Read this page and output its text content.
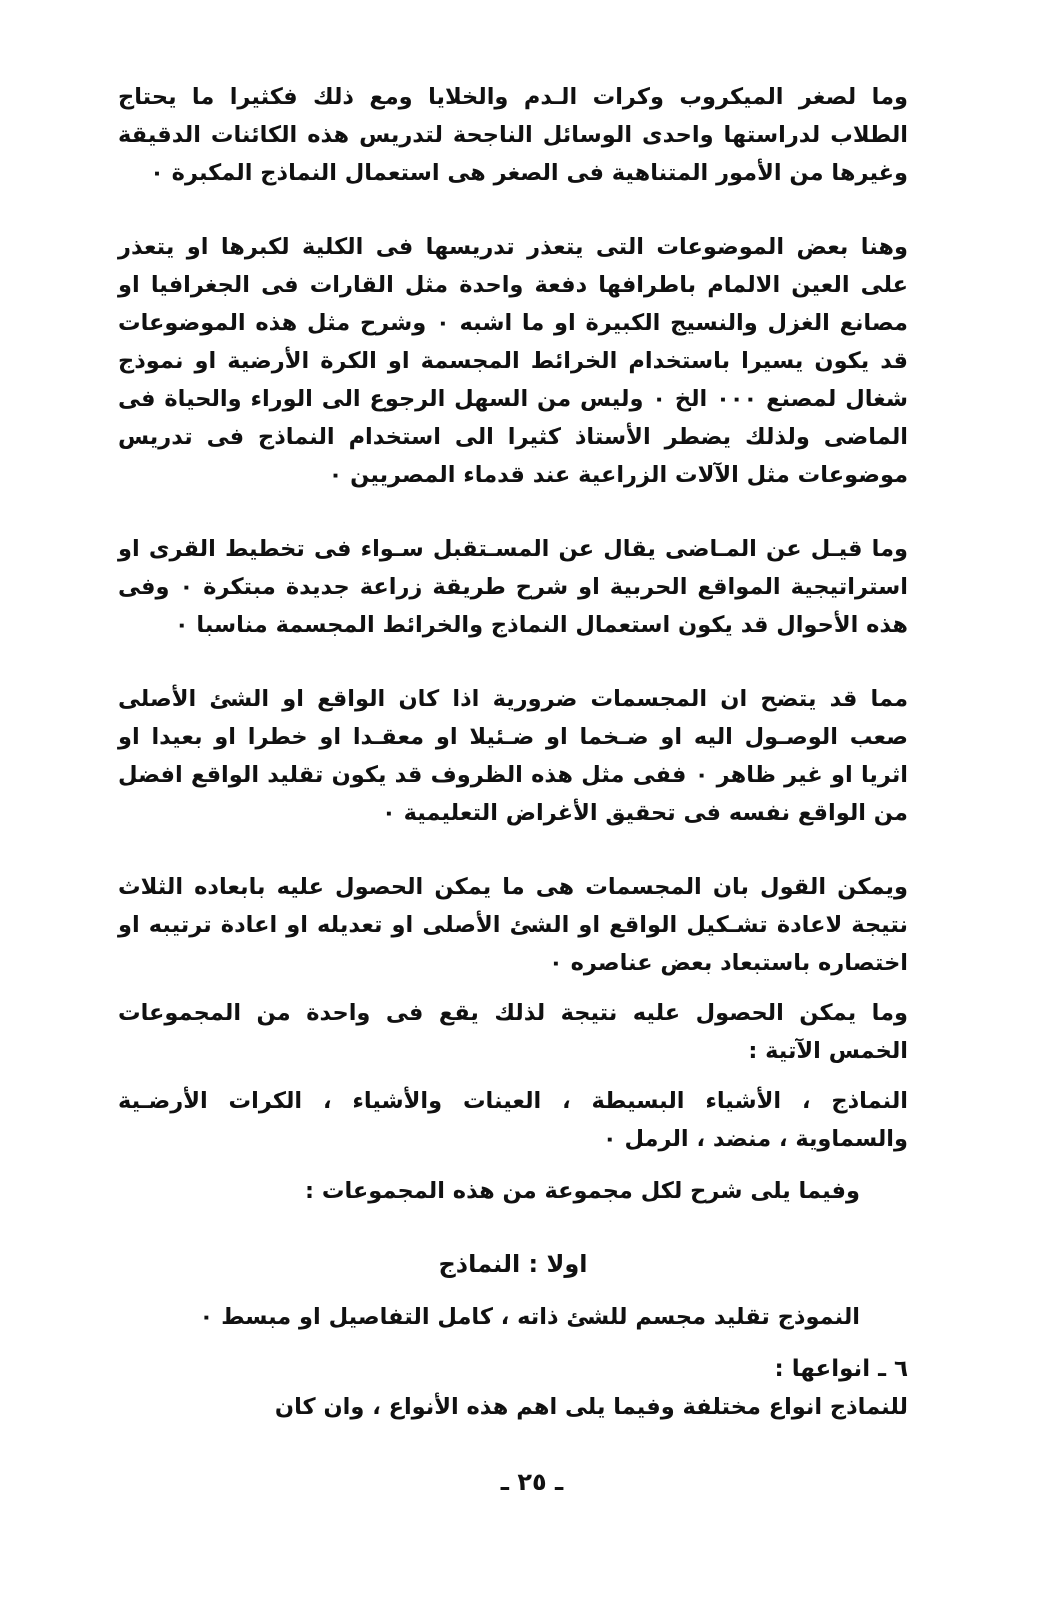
وما لصغر الميكروب وكرات الـدم والخلايا ومع ذلك فكثيرا ما يحتاج الطلاب لدراستها واحدى الوسائل الناجحة لتدريس هذه الكائنات الدقيقة وغيرها من الأمور المتناهية فى الصغر هى استعمال النماذج المكبرة ٠

وهنا بعض الموضوعات التى يتعذر تدريسها فى الكلية لكبرها او يتعذر على العين الالمام باطرافها دفعة واحدة مثل القارات فى الجغرافيا او مصانع الغزل والنسيج الكبيرة او ما اشبه ٠ وشرح مثل هذه الموضوعات قد يكون يسيرا باستخدام الخرائط المجسمة او الكرة الأرضية او نموذج شغال لمصنع ٠٠٠ الخ ٠ وليس من السهل الرجوع الى الوراء والحياة فى الماضى ولذلك يضطر الأستاذ كثيرا الى استخدام النماذج فى تدريس موضوعات مثل الآلات الزراعية عند قدماء المصريين ٠

وما قيـل عن المـاضى يقال عن المسـتقبل سـواء فى تخطيط القرى او استراتيجية المواقع الحربية او شرح طريقة زراعة جديدة مبتكرة ٠ وفى هذه الأحوال قد يكون استعمال النماذج والخرائط المجسمة مناسبا ٠

مما قد يتضح ان المجسمات ضرورية اذا كان الواقع او الشئ الأصلى صعب الوصـول اليه او ضـخما او ضـئيلا او معقـدا او خطرا او بعيدا او اثريا او غير ظاهر ٠ ففى مثل هذه الظروف قد يكون تقليد الواقع افضل من الواقع نفسه فى تحقيق الأغراض التعليمية ٠

ويمكن القول بان المجسمات هى ما يمكن الحصول عليه بابعاده الثلاث نتيجة لاعادة تشـكيل الواقع او الشئ الأصلى او تعديله او اعادة ترتيبه او اختصاره باستبعاد بعض عناصره ٠

وما يمكن الحصول عليه نتيجة لذلك يقع فى واحدة من المجموعات الخمس الآتية :

النماذج ، الأشياء البسيطة ، العينات والأشياء ، الكرات الأرضـية والسماوية ، منضد ، الرمل ٠

وفيما يلى شرح لكل مجموعة من هذه المجموعات :

اولا : النماذج

النموذج تقليد مجسم للشئ ذاته ، كامل التفاصيل او مبسط ٠

٦ ـ انواعها :

للنماذج انواع مختلفة وفيما يلى اهم هذه الأنواع ، وان كان

ـ ٢٥ ـ
